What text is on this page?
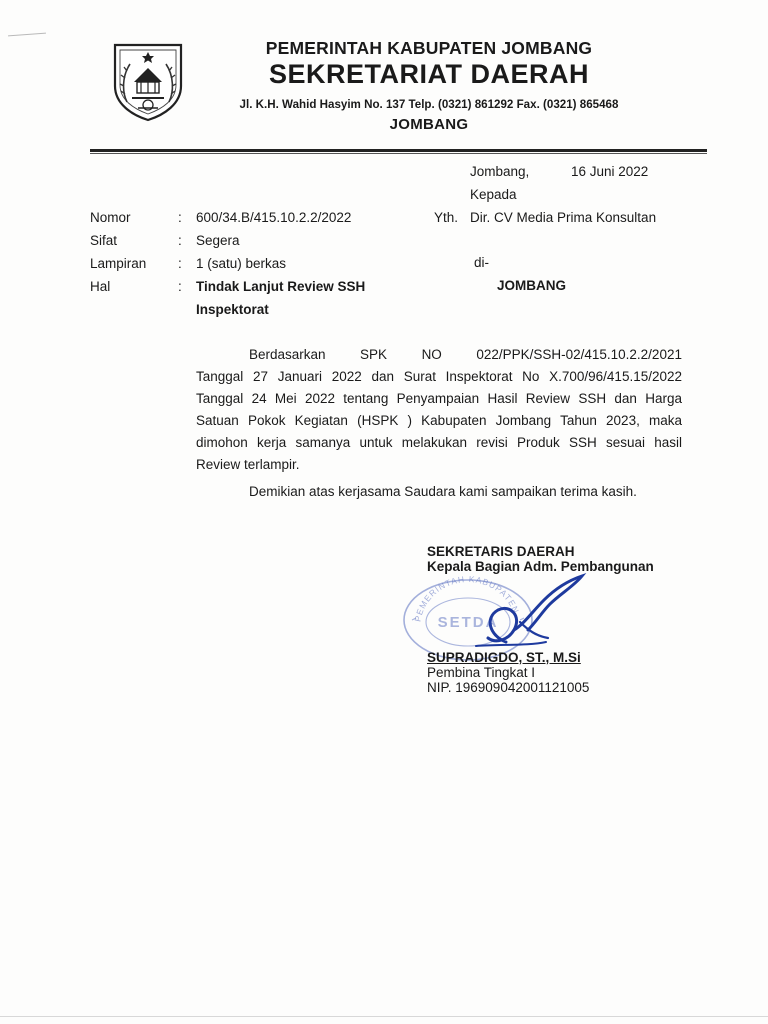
PEMERINTAH KABUPATEN JOMBANG
SEKRETARIAT DAERAH
Jl. K.H. Wahid Hasyim No. 137 Telp. (0321) 861292 Fax. (0321) 865468
JOMBANG
Jombang,	16 Juni 2022
Kepada
Yth. Dir. CV Media Prima Konsultan
di-
JOMBANG
Nomor	: 600/34.B/415.10.2.2/2022
Sifat	: Segera
Lampiran : 1 (satu) berkas
Hal	: Tindak Lanjut Review SSH
Inspektorat
Berdasarkan	SPK	NO	022/PPK/SSH-02/415.10.2.2/2021
Tanggal 27 Januari 2022 dan Surat Inspektorat No X.700/96/415.15/2022
Tanggal 24 Mei 2022 tentang Penyampaian Hasil Review SSH dan Harga
Satuan Pokok Kegiatan (HSPK ) Kabupaten Jombang Tahun 2023, maka
dimohon kerja samanya untuk melakukan revisi Produk SSH sesuai hasil
Review terlampir.
Demikian atas kerjasama Saudara kami sampaikan terima kasih.
PEMERINTAH KABUPATEN
SETDA
SEKRETARIS DAERAH
Kepala Bagian Adm. Pembangunan
SUPRADIGDO, ST., M.Si
Pembina Tingkat I
NIP. 196909042001121005
